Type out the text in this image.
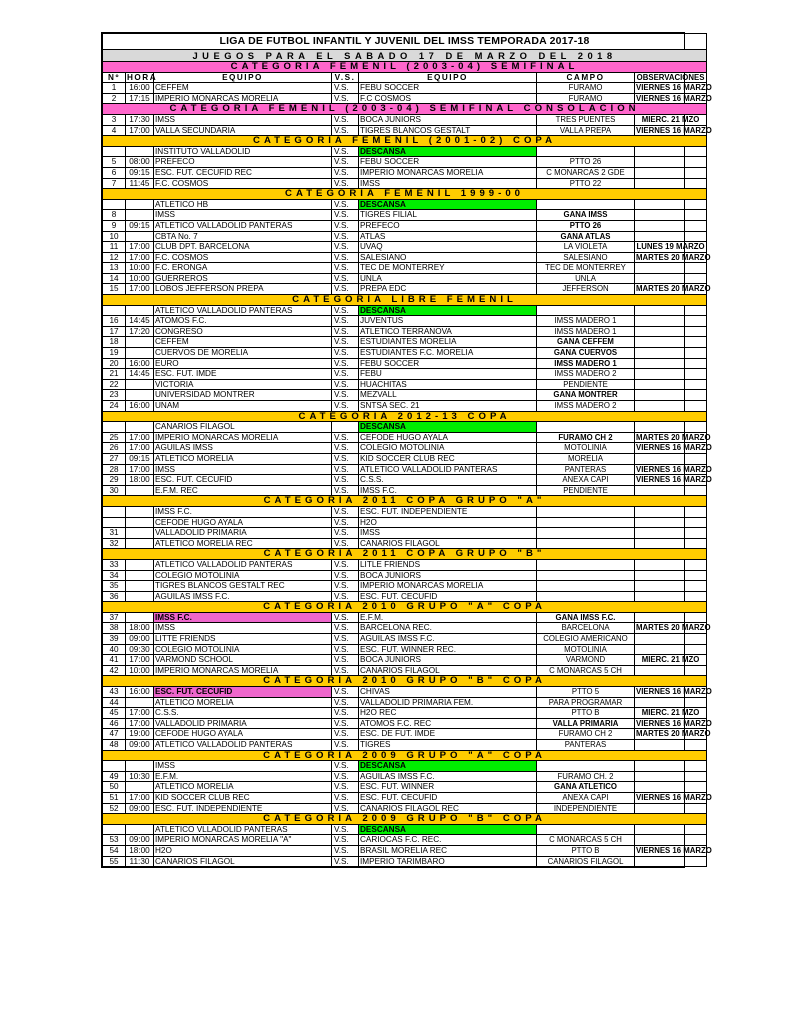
LIGA DE FUTBOL INFANTIL Y JUVENIL DEL IMSS TEMPORADA 2017-18						
JUEGOS PARA EL SABADO 17 DE MARZO DEL 2018						
CATEGORIA FEMENIL (2003-04) SEMIFINAL						
Nº	HORA	EQUIPO	V.S.	EQUIPO	CAMPO	OBSERVACIONES
1	16:00	CEFFEM	V.S.	FEBU SOCCER	FURAMO	VIERNES 16 MARZO
2	17:15	IMPERIO MONARCAS MORELIA	V.S.	F.C COSMOS	FURAMO	VIERNES 16 MARZO
CATEGORIA FEMENIL (2003-04) SEMIFINAL CONSOLACION						
3	17:30	IMSS	V.S.	BOCA JUNIORS	TRES PUENTES	MIERC. 21 MZO
4	17:00	VALLA SECUNDARIA	V.S.	TIGRES BLANCOS GESTALT	VALLA PREPA	VIERNES 16 MARZO
CATEGORIA FEMENIL (2001-02) COPA						
		INSTITUTO VALLADOLID	V.S.	DESCANSA		
5	08:00	PREFECO	V.S.	FEBU SOCCER	PTTO 26	
6	09:15	ESC. FUT. CECUFID REC	V.S.	IMPERIO MONARCAS MORELIA	C MONARCAS 2 GDE	
7	11:45	F.C. COSMOS	V.S.	IMSS	PTTO 22	
CATEGORIA FEMENIL 1999-00						
		ATLETICO HB	V.S.	DESCANSA		
8		IMSS	V.S.	TIGRES FILIAL	GANA IMSS	
9	09:15	ATLETICO VALLADOLID PANTERAS	V.S.	PREFECO	PTTO 26	
10		CBTA No. 7	V.S.	ATLAS	GANA ATLAS	
11	17:00	CLUB DPT. BARCELONA	V.S.	UVAQ	LA VIOLETA	LUNES 19 MARZO
12	17:00	F.C. COSMOS	V.S.	SALESIANO	SALESIANO	MARTES 20 MARZO
13	10:00	F.C. ERONGA	V.S.	TEC DE MONTERREY	TEC DE MONTERREY	
14	10:00	GUERREROS	V.S.	UNLA	UNLA	
15	17:00	LOBOS JEFFERSON PREPA	V.S.	PREPA EDC	JEFFERSON	MARTES 20 MARZO
CATEGORIA LIBRE FEMENIL						
		ATLETICO VALLADOLID PANTERAS	V.S.	DESCANSA		
16	14:45	ATOMOS F.C.	V.S.	JUVENTUS	IMSS MADERO 1	
17	17:20	CONGRESO	V.S.	ATLETICO TERRANOVA	IMSS MADERO 1	
18		CEFFEM	V.S.	ESTUDIANTES MORELIA	GANA CEFFEM	
19		CUERVOS DE MORELIA	V.S.	ESTUDIANTES F.C. MORELIA	GANA CUERVOS	
20	16:00	EURO	V.S.	FEBU SOCCER	IMSS MADERO 1	
21	14:45	ESC. FUT. IMDE	V.S.	FEBU	IMSS MADERO 2	
22		VICTORIA	V.S.	HUACHITAS	PENDIENTE	
23		UNIVERSIDAD MONTRER	V.S.	MEZVALL	GANA MONTRER	
24	16:00	UNAM	V.S.	SNTSA SEC. 21	IMSS MADERO 2	
CATEGORIA 2012-13 COPA						
		CANARIOS FILAGOL		DESCANSA		
25	17:00	IMPERIO MONARCAS MORELIA	V.S.	CEFODE HUGO AYALA	FURAMO CH 2	MARTES 20 MARZO
26	17:00	AGUILAS IMSS	V.S.	COLEGIO MOTOLINIA	MOTOLINIA	VIERNES 16 MARZO
27	09:15	ATLETICO MORELIA	V.S.	KID SOCCER CLUB REC	MORELIA	
28	17:00	IMSS	V.S.	ATLETICO VALLADOLID PANTERAS	PANTERAS	VIERNES 16 MARZO
29	18:00	ESC. FUT. CECUFID	V.S.	C.S.S.	ANEXA CAPI	VIERNES 16 MARZO
30		E.F.M. REC	V.S.	IMSS F.C.	PENDIENTE	
CATEGORIA 2011 COPA GRUPO "A"						
		IMSS F.C.	V.S.	ESC. FUT. INDEPENDIENTE		
		CEFODE HUGO AYALA	V.S.	H2O		
31		VALLADOLID PRIMARIA	V.S.	IMSS		
32		ATLETICO MORELIA REC	V.S.	CANARIOS FILAGOL		
CATEGORIA 2011 COPA GRUPO "B"						
33		ATLETICO VALLADOLID PANTERAS	V.S.	LITLE FRIENDS		
34		COLEGIO MOTOLINIA	V.S.	BOCA JUNIORS		
35		TIGRES BLANCOS GESTALT REC	V.S.	IMPERIO MONARCAS MORELIA		
36		AGUILAS IMSS F.C.	V.S.	ESC. FUT. CECUFID		
CATEGORIA 2010 GRUPO "A" COPA						
37		IMSS F.C.	V.S.	E.F.M.	GANA IMSS F.C.	
38	18:00	IMSS	V.S.	BARCELONA REC.	BARCELONA	MARTES 20 MARZO
39	09:00	LITTE FRIENDS	V.S.	AGUILAS IMSS F.C.	COLEGIO AMERICANO	
40	09:30	COLEGIO MOTOLINIA	V.S.	ESC. FUT. WINNER REC.	MOTOLINIA	
41	17:00	VARMOND SCHOOL	V.S.	BOCA JUNIORS	VARMOND	MIERC. 21 MZO
42	10:00	IMPERIO MONARCAS MORELIA	V.S.	CANARIOS FILAGOL	C MONARCAS 5 CH	
CATEGORIA 2010 GRUPO "B" COPA						
43	16:00	ESC. FUT. CECUFID	V.S.	CHIVAS	PTTO 5	VIERNES 16 MARZO
44		ATLETICO MORELIA	V.S.	VALLADOLID PRIMARIA FEM.	PARA PROGRAMAR	
45	17:00	C.S.S.	V.S.	H2O REC	PTTO B	MIERC. 21 MZO
46	17:00	VALLADOLID PRIMARIA	V.S.	ATOMOS F.C. REC	VALLA PRIMARIA	VIERNES 16 MARZO
47	19:00	CEFODE HUGO AYALA	V.S.	ESC. DE FUT. IMDE	FURAMO CH 2	MARTES 20 MARZO
48	09:00	ATLETICO VALLADOLID PANTERAS	V.S.	TIGRES	PANTERAS	
CATEGORIA 2009 GRUPO "A" COPA						
		IMSS	V.S.	DESCANSA		
49	10:30	E.F.M.	V.S.	AGUILAS IMSS F.C.	FURAMO CH. 2	
50		ATLETICO MORELIA	V.S.	ESC. FUT. WINNER	GANA ATLETICO	
51	17:00	KID SOCCER CLUB REC	V.S.	ESC. FUT. CECUFID	ANEXA CAPI	VIERNES 16 MARZO
52	09:00	ESC. FUT. INDEPENDIENTE	V.S.	CANARIOS FILAGOL REC	INDEPENDIENTE	
CATEGORIA 2009 GRUPO "B" COPA						
		ATLETICO VLLADOLID PANTERAS	V.S.	DESCANSA		
53	09:00	IMPERIO MONARCAS MORELIA "A"	V.S.	CARIOCAS F.C. REC.	C MONARCAS 5 CH	
54	18:00	H2O	V.S.	BRASIL MORELIA REC	PTTO B	VIERNES 16 MARZO
55	11:30	CANARIOS FILAGOL	V.S.	IMPERIO TARIMBARO	CANARIOS FILAGOL	
